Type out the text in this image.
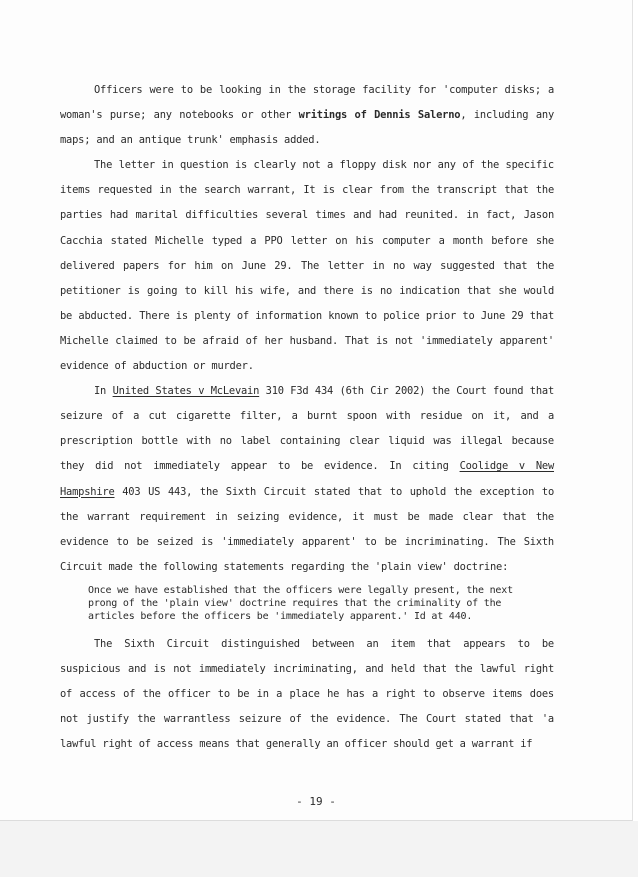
Officers were to be looking in the storage facility for 'computer disks; a woman's purse; any notebooks or other writings of Dennis Salerno, including any maps; and an antique trunk' emphasis added.

The letter in question is clearly not a floppy disk nor any of the specific items requested in the search warrant, It is clear from the transcript that the parties had marital difficulties several times and had reunited. in fact, Jason Cacchia stated Michelle typed a PPO letter on his computer a month before she delivered papers for him on June 29. The letter in no way suggested that the petitioner is going to kill his wife, and there is no indication that she would be abducted. There is plenty of information known to police prior to June 29 that Michelle claimed to be afraid of her husband. That is not 'immediately apparent' evidence of abduction or murder.

In United States v McLevain 310 F3d 434 (6th Cir 2002) the Court found that seizure of a cut cigarette filter, a burnt spoon with residue on it, and a prescription bottle with no label containing clear liquid was illegal because they did not immediately appear to be evidence. In citing Coolidge v New Hampshire 403 US 443, the Sixth Circuit stated that to uphold the exception to the warrant requirement in seizing evidence, it must be made clear that the evidence to be seized is 'immediately apparent' to be incriminating. The Sixth Circuit made the following statements regarding the 'plain view' doctrine:

Once we have established that the officers were legally present, the next prong of the 'plain view' doctrine requires that the criminality of the articles before the officers be 'immediately apparent.' Id at 440.

The Sixth Circuit distinguished between an item that appears to be suspicious and is not immediately incriminating, and held that the lawful right of access of the officer to be in a place he has a right to observe items does not justify the warrantless seizure of the evidence. The Court stated that 'a lawful right of access means that generally an officer should get a warrant if

- 19 -
